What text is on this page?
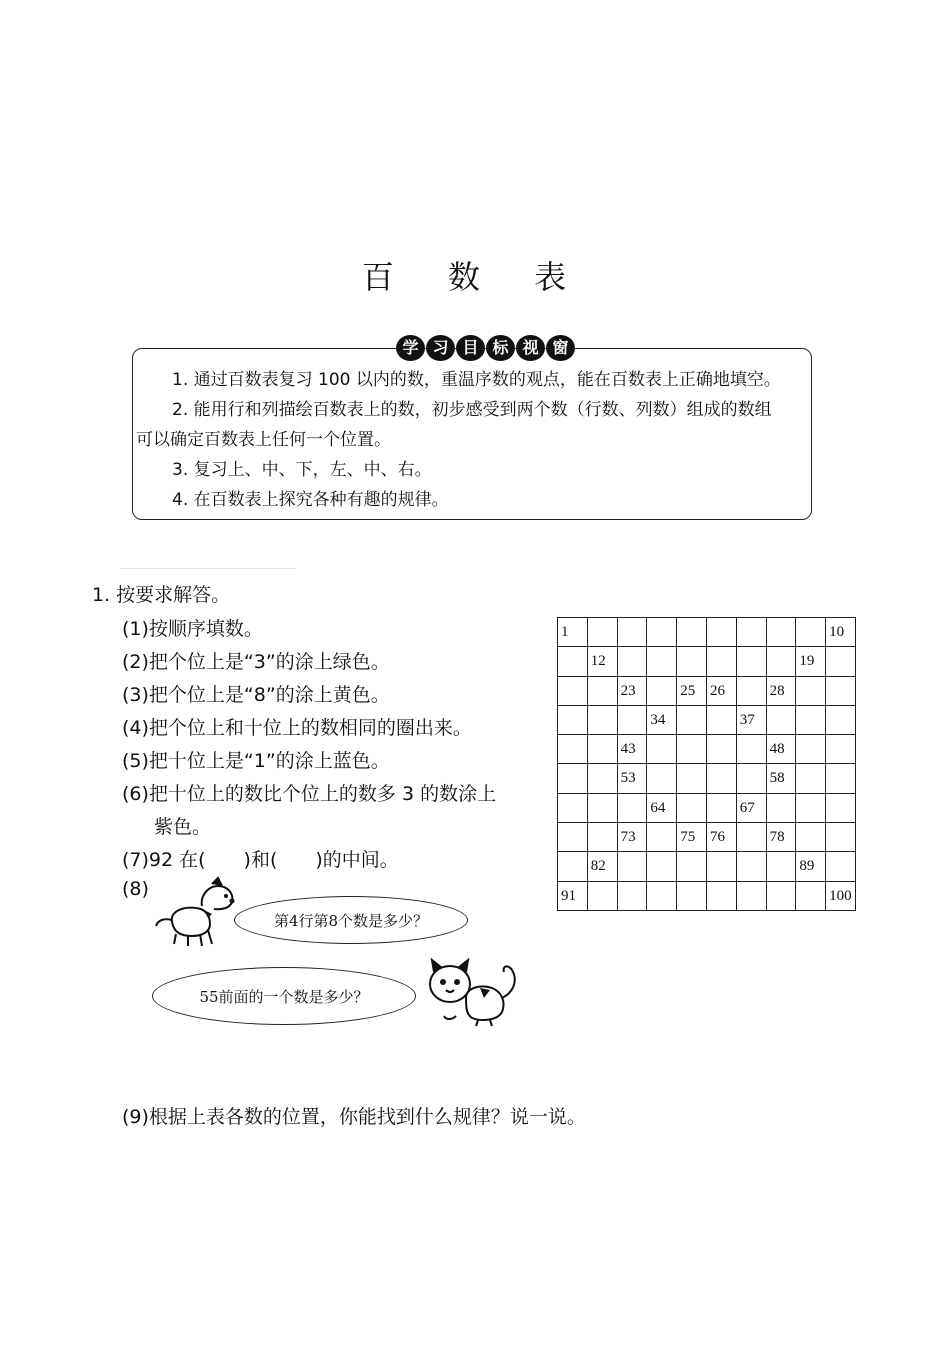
百 数 表
学 习 目 标 视 窗
1. 通过百数表复习 100 以内的数，重温序数的观点，能在百数表上正确地填空。
2. 能用行和列描绘百数表上的数，初步感受到两个数（行数、列数）组成的数组
可以确定百数表上任何一个位置。
3. 复习上、中、下，左、中、右。
4. 在百数表上探究各种有趣的规律。
1. 按要求解答。
(1)按顺序填数。
(2)把个位上是“3”的涂上绿色。
(3)把个位上是“8”的涂上黄色。
(4)把个位上和十位上的数相同的圈出来。
(5)把十位上是“1”的涂上蓝色。
(6)把十位上的数比个位上的数多 3 的数涂上
紫色。
(7)92 在(　　)和(　　)的中间。
(8)
第4行第8个数是多少？
55前面的一个数是多少？
(9)根据上表各数的位置，你能找到什么规律？说一说。
1									10

	12							19	

		23		25	26		28		

			34			37			

		43					48		

		53					58		

			64			67			

		73		75	76		78		

	82							89	

91									100
